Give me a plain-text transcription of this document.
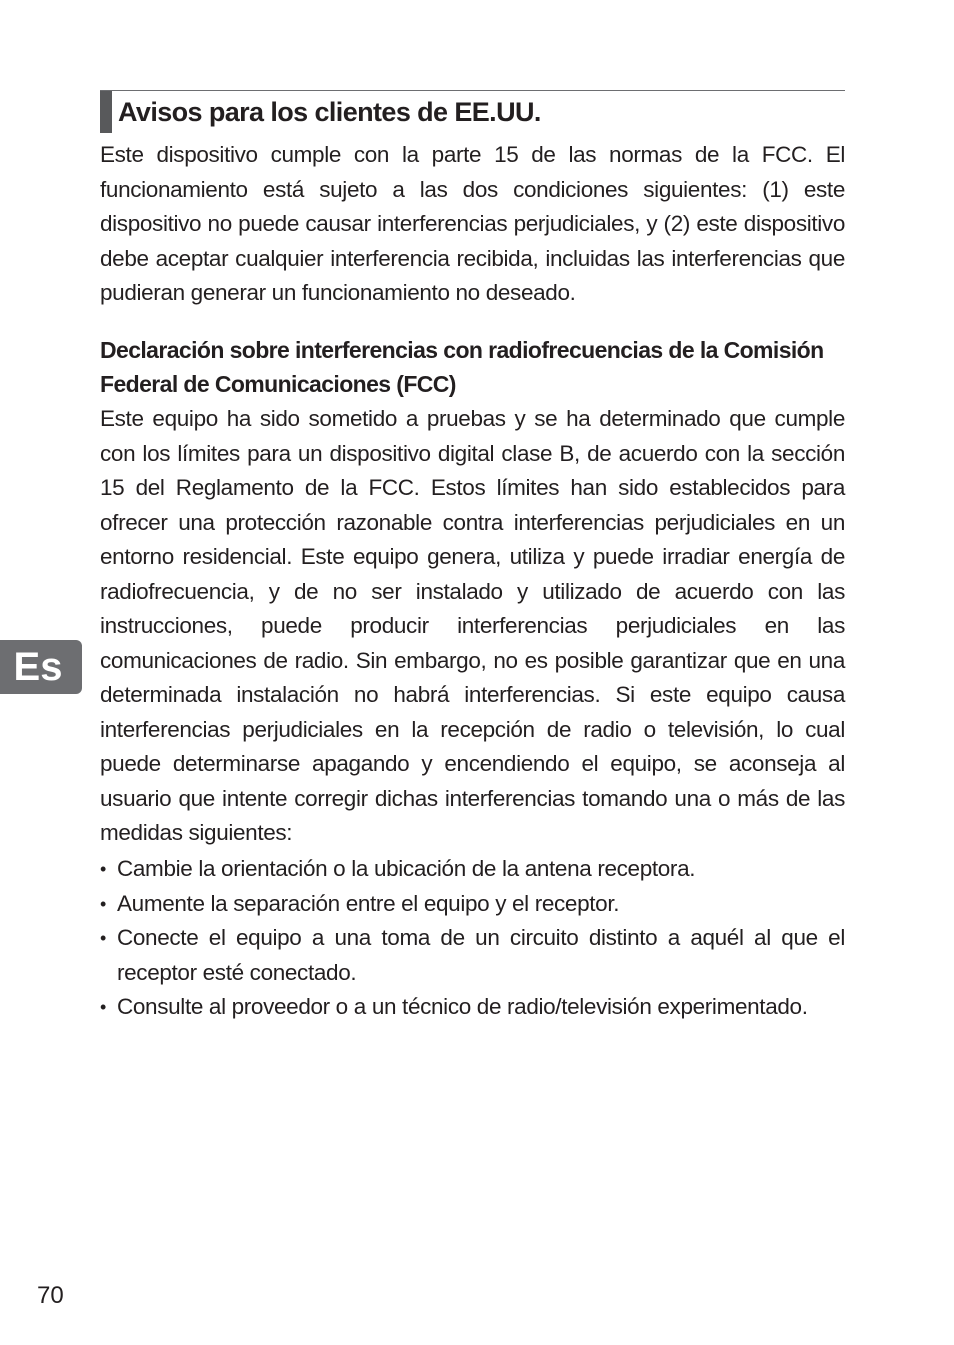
Avisos para los clientes de EE.UU.

Este dispositivo cumple con la parte 15 de las normas de la FCC. El funcionamiento está sujeto a las dos condiciones siguientes: (1) este dispositivo no puede causar interferencias perjudiciales, y (2) este dispositivo debe aceptar cualquier interferencia recibida, incluidas las interferencias que pudieran generar un funcionamiento no deseado.

Declaración sobre interferencias con radiofrecuencias de la Comisión Federal de Comunicaciones (FCC)

Este equipo ha sido sometido a pruebas y se ha determinado que cumple con los límites para un dispositivo digital clase B, de acuerdo con la sección 15 del Reglamento de la FCC. Estos límites han sido establecidos para ofrecer una protección razonable contra interferencias perjudiciales en un entorno residencial. Este equipo genera, utiliza y puede irradiar energía de radiofrecuencia, y de no ser instalado y utilizado de acuerdo con las instrucciones, puede producir interferencias perjudiciales en las comunicaciones de radio. Sin embargo, no es posible garantizar que en una determinada instalación no habrá interferencias. Si este equipo causa interferencias perjudiciales en la recepción de radio o televisión, lo cual puede determinarse apagando y encendiendo el equipo, se aconseja al usuario que intente corregir dichas interferencias tomando una o más de las medidas siguientes:

• Cambie la orientación o la ubicación de la antena receptora.
• Aumente la separación entre el equipo y el receptor.
• Conecte el equipo a una toma de un circuito distinto a aquél al que el receptor esté conectado.
• Consulte al proveedor o a un técnico de radio/televisión experimentado.
Es
70
